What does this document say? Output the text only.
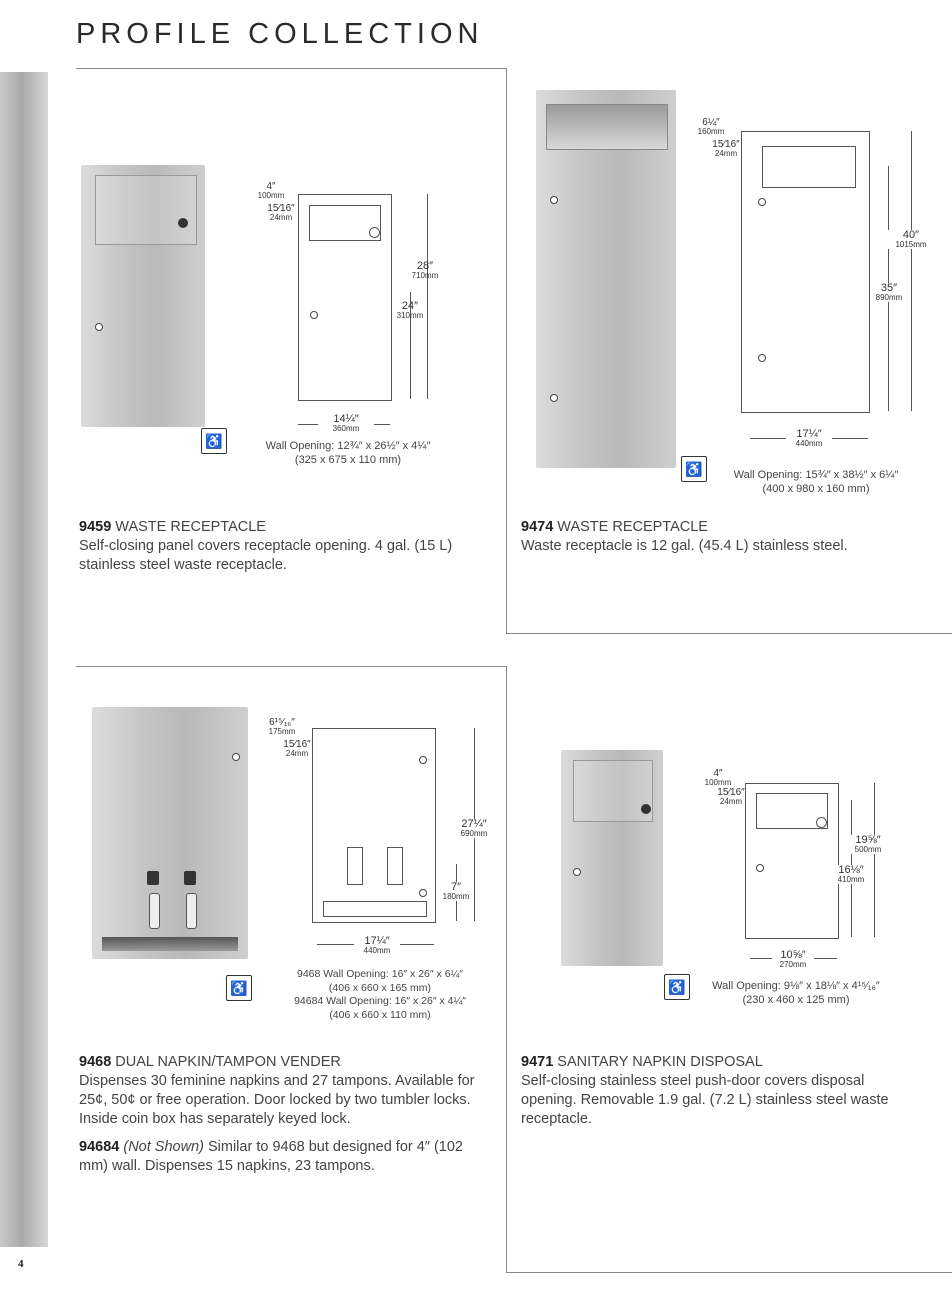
4
PROFILE COLLECTION
4″
100mm
15⁄16″
24mm
28″
710mm
24″
310mm
14¼″
360mm
♿	Wall Opening: 12¾″ x 26½″ x 4¼″
(325 x 675 x 110 mm)
9459 WASTE RECEPTACLE

Self-closing panel covers receptacle opening. 4 gal. (15 L) stainless steel waste receptacle.

6¼″
160mm
15⁄16″
24mm
40″
1015mm
35″
890mm
17¼″
440mm
♿	Wall Opening: 15¾″ x 38½″ x 6¼″
(400 x 980 x 160 mm)
9474 WASTE RECEPTACLE

Waste receptacle is 12 gal. (45.4 L) stainless steel.

6¹⁵⁄₁₆″
175mm
15⁄16″
24mm
27¼″
690mm
7″
180mm
17¼″
440mm
♿
9468 Wall Opening: 16″ x 26″ x 6¼″
(406 x 660 x 165 mm)
94684 Wall Opening: 16″ x 26″ x 4¼″
(406 x 660 x 110 mm)
9468 DUAL NAPKIN/TAMPON VENDER

Dispenses 30 feminine napkins and 27 tampons. Available for 25¢, 50¢ or free operation. Door locked by two tumbler locks. Inside coin box has separately keyed lock.

94684 (Not Shown) Similar to 9468 but designed for 4″ (102 mm) wall. Dispenses 15 napkins, 23 tampons.

4″
100mm
15⁄16″
24mm
19⅝″
500mm
16⅛″
410mm
10⅝″
270mm
♿	Wall Opening: 9⅛″ x 18⅛″ x 4¹⁵⁄₁₆″
(230 x 460 x 125 mm)
9471 SANITARY NAPKIN DISPOSAL

Self-closing stainless steel push-door covers disposal opening. Removable 1.9 gal. (7.2 L) stainless steel waste receptacle.
